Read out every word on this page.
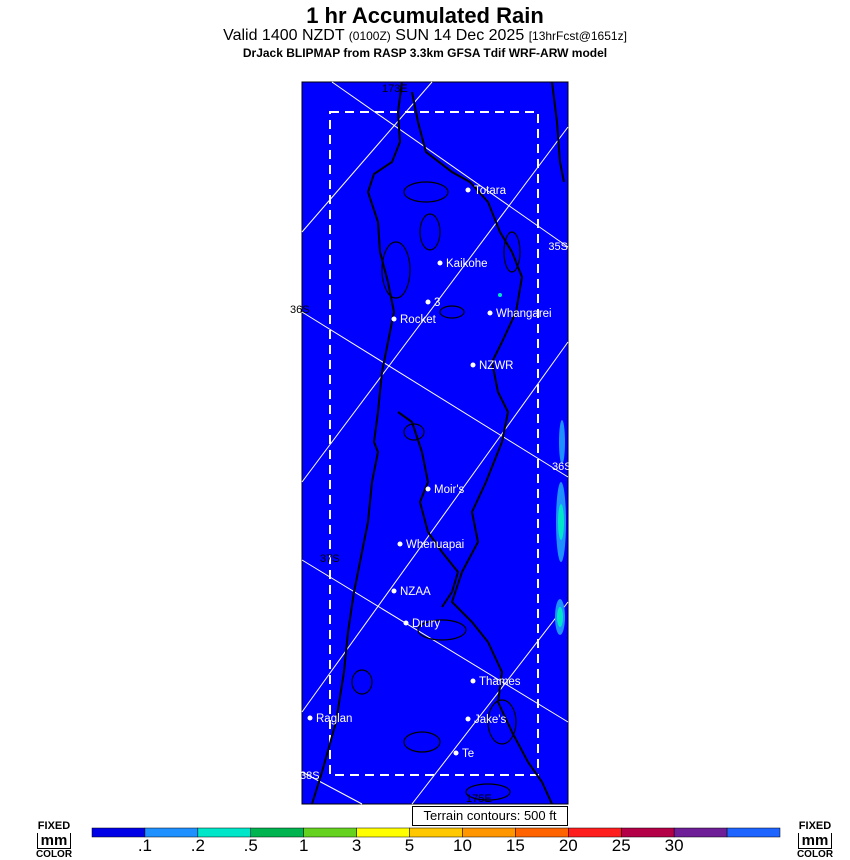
1 hr Accumulated Rain
Valid 1400 NZDT (0100Z) SUN 14 Dec 2025 [13hrFcst@1651z]
DrJack BLIPMAP from RASP 3.3km GFSA Tdif WRF-ARW model
173E
35S
36S
36S
37S
38S
175E
Totara
Kaikohe
3
Rocket	Whangarei
NZWR
Moir's
Whenuapai
NZAA
Drury
Thames
Raglan	Jake's
Te
Terrain contours: 500 ft
FIXED
mm
COLOR
FIXED
mm
COLOR
.1	.2	.5	1	3	5	10	15	20	25	30
